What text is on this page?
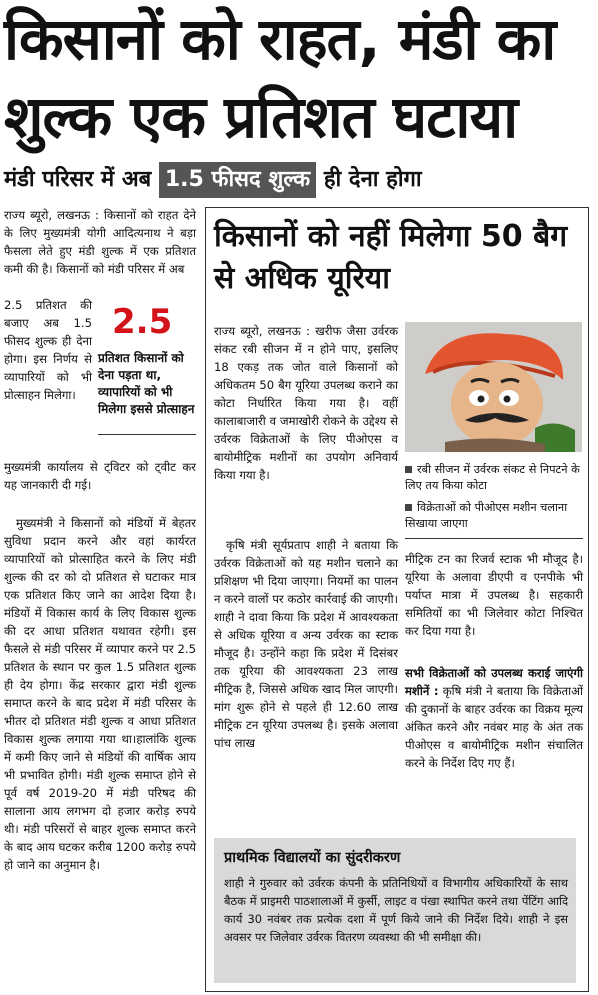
किसानों को राहत, मंडी का
शुल्क एक प्रतिशत घटाया
मंडी परिसर में अब 1.5 फीसद शुल्क ही देना होगा

राज्य ब्यूरो, लखनऊ : किसानों को राहत देने के लिए मुख्यमंत्री योगी आदित्यनाथ ने बड़ा फैसला लेते हुए मंडी शुल्क में एक प्रतिशत कमी की है। किसानों को मंडी परिसर में अब

2.5 प्रतिशत की बजाए अब 1.5 फीसद शुल्क ही देना होगा। इस निर्णय से व्यापारियों को भी प्रोत्साहन मिलेगा।

2.5
प्रतिशत किसानों को देना पड़ता था, व्यापारियों को भी मिलेगा इससे प्रोत्साहन

मुख्यमंत्री कार्यालय से ट्विटर को ट्वीट कर यह जानकारी दी गई।

मुख्यमंत्री ने किसानों को मंडियों में बेहतर सुविधा प्रदान करने और वहां कार्यरत व्यापारियों को प्रोत्साहित करने के लिए मंडी शुल्क की दर को दो प्रतिशत से घटाकर मात्र एक प्रतिशत किए जाने का आदेश दिया है। मंडियों में विकास कार्य के लिए विकास शुल्क की दर आधा प्रतिशत यथावत रहेगी। इस फैसले से मंडी परिसर में व्यापार करने पर 2.5 प्रतिशत के स्थान पर कुल 1.5 प्रतिशत शुल्क ही देय होगा। केंद्र सरकार द्वारा मंडी शुल्क समाप्त करने के बाद प्रदेश में मंडी परिसर के भीतर दो प्रतिशत मंडी शुल्क व आधा प्रतिशत विकास शुल्क लगाया गया था।हालांकि शुल्क में कमी किए जाने से मंडियों की वार्षिक आय भी प्रभावित होगी। मंडी शुल्क समाप्त होने से पूर्व वर्ष 2019-20 में मंडी परिषद की सालाना आय लगभग दो हजार करोड़ रुपये थी। मंडी परिसरों से बाहर शुल्क समाप्त करने के बाद आय घटकर करीब 1200 करोड़ रुपये हो जाने का अनुमान है।

किसानों को नहीं मिलेगा 50 बैग से अधिक यूरिया

राज्य ब्यूरो, लखनऊ : खरीफ जैसा उर्वरक संकट रबी सीजन में न होने पाए, इसलिए 18 एकड़ तक जोत वाले किसानों को अधिकतम 50 बैग यूरिया उपलब्ध कराने का कोटा निर्धारित किया गया है। वहीं कालाबाजारी व जमाखोरी रोकने के उद्देश्य से उर्वरक विक्रेताओं के लिए पीओएस व बायोमीट्रिक मशीनों का उपयोग अनिवार्य किया गया है।

कृषि मंत्री सूर्यप्रताप शाही ने बताया कि उर्वरक विक्रेताओं को यह मशीन चलाने का प्रशिक्षण भी दिया जाएगा। नियमों का पालन न करने वालों पर कठोर कार्रवाई की जाएगी। शाही ने दावा किया कि प्रदेश में आवश्यकता से अधिक यूरिया व अन्य उर्वरक का स्टाक मौजूद है। उन्होंने कहा कि प्रदेश में दिसंबर तक यूरिया की आवश्यकता 23 लाख मीट्रिक है, जिससे अधिक खाद मिल जाएगी। मांग शुरू होने से पहले ही 12.60 लाख मीट्रिक टन यूरिया उपलब्ध है। इसके अलावा पांच लाख

रबी सीजन में उर्वरक संकट से निपटने के लिए तय किया कोटा
विक्रेताओं को पीओएस मशीन चलाना सिखाया जाएगा

मीट्रिक टन का रिजर्व स्टाक भी मौजूद है। यूरिया के अलावा डीएपी व एनपीके भी पर्याप्त मात्रा में उपलब्ध है। सहकारी समितियों का भी जिलेवार कोटा निश्चित कर दिया गया है।

सभी विक्रेताओं को उपलब्ध कराई जाएंगी मशीनें : कृषि मंत्री ने बताया कि विक्रेताओं की दुकानों के बाहर उर्वरक का विक्रय मूल्य अंकित करने और नवंबर माह के अंत तक पीओएस व बायोमीट्रिक मशीन संचालित करने के निर्देश दिए गए हैं।

प्राथमिक विद्यालयों का सुंदरीकरण

शाही ने गुरुवार को उर्वरक कंपनी के प्रतिनिधियों व विभागीय अधिकारियों के साथ बैठक में प्राइमरी पाठशालाओं में कुर्सी, लाइट व पंखा स्थापित करने तथा पेंटिंग आदि कार्य 30 नवंबर तक प्रत्येक दशा में पूर्ण किये जाने की निर्देश दिये। शाही ने इस अवसर पर जिलेवार उर्वरक वितरण व्यवस्था की भी समीक्षा की।
